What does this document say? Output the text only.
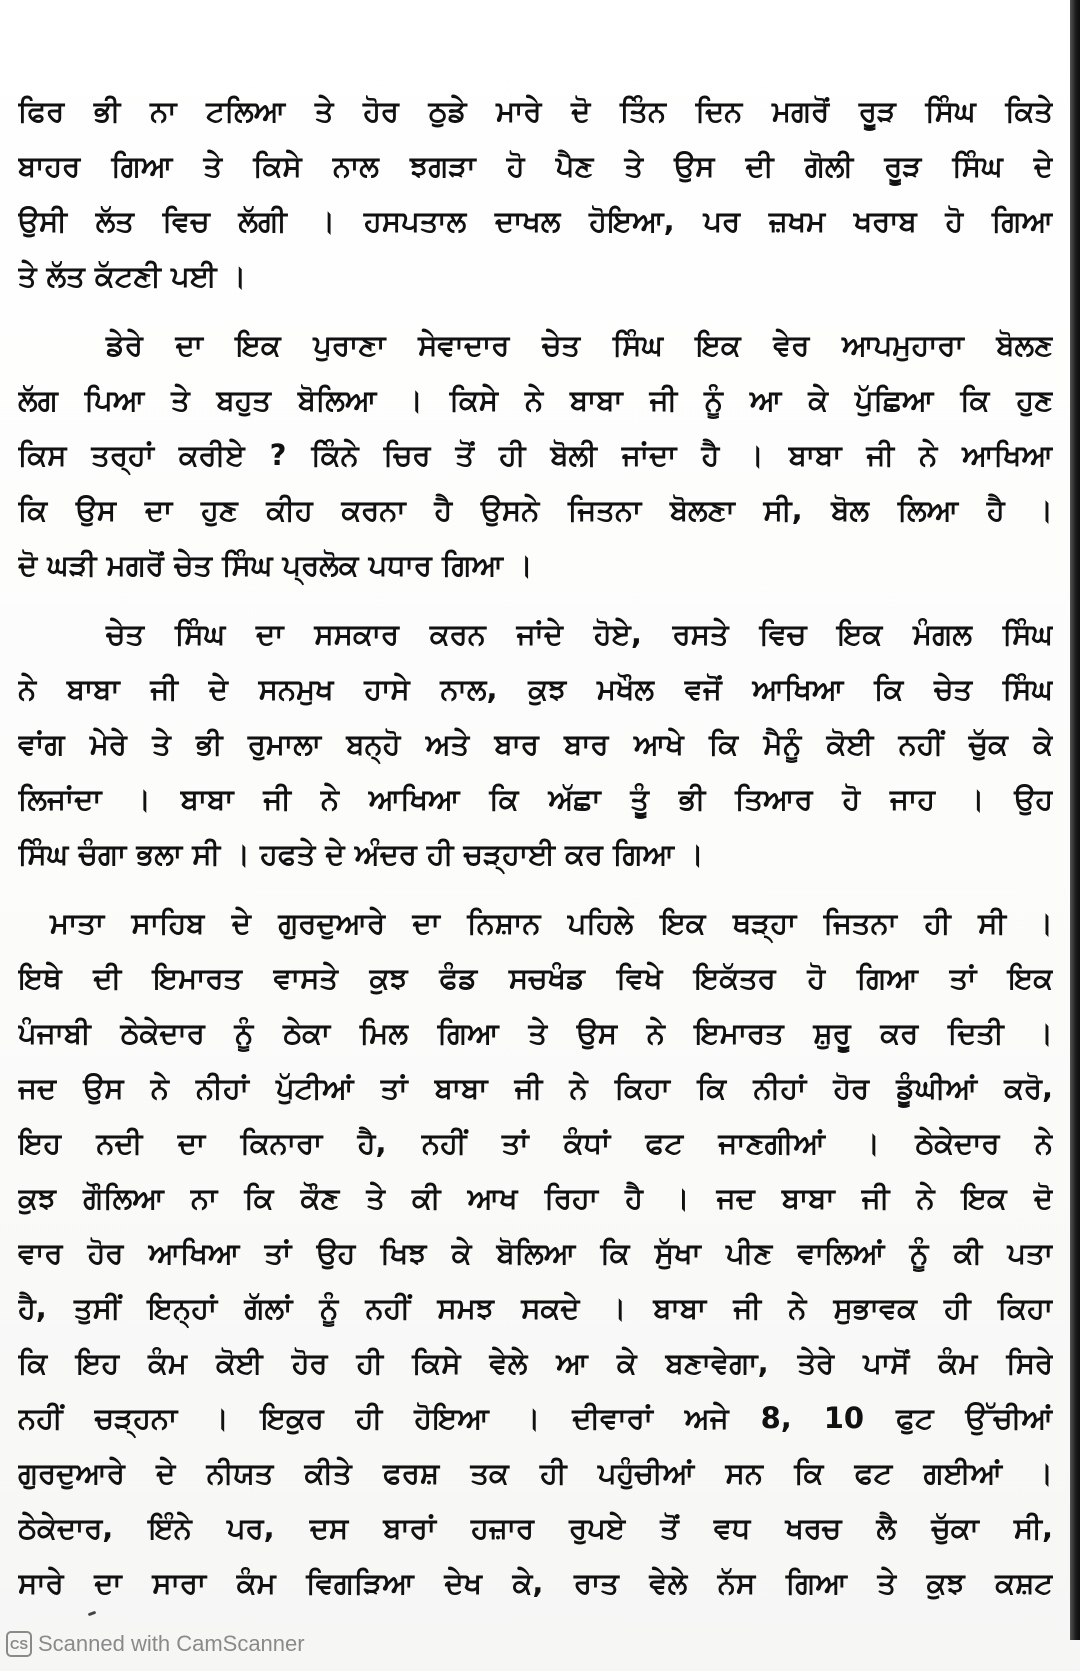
ਫਿਰ ਭੀ ਨਾ ਟਲਿਆ ਤੇ ਹੋਰ ਠੁਡੇ ਮਾਰੇ ਦੋ ਤਿੰਨ ਦਿਨ ਮਗਰੋਂ ਰੂੜ ਸਿੰਘ ਕਿਤੇ
ਬਾਹਰ ਗਿਆ ਤੇ ਕਿਸੇ ਨਾਲ ਝਗੜਾ ਹੋ ਪੈਣ ਤੇ ਉਸ ਦੀ ਗੋਲੀ ਰੂੜ ਸਿੰਘ ਦੇ
ਉਸੀ ਲੱਤ ਵਿਚ ਲੱਗੀ । ਹਸਪਤਾਲ ਦਾਖਲ ਹੋਇਆ, ਪਰ ਜ਼ਖਮ ਖਰਾਬ ਹੋ ਗਿਆ
ਤੇ ਲੱਤ ਕੱਟਣੀ ਪਈ ।
ਡੇਰੇ ਦਾ ਇਕ ਪੁਰਾਣਾ ਸੇਵਾਦਾਰ ਚੇਤ ਸਿੰਘ ਇਕ ਵੇਰ ਆਪਮੁਹਾਰਾ ਬੋਲਣ
ਲੱਗ ਪਿਆ ਤੇ ਬਹੁਤ ਬੋਲਿਆ । ਕਿਸੇ ਨੇ ਬਾਬਾ ਜੀ ਨੂੰ ਆ ਕੇ ਪੁੱਛਿਆ ਕਿ ਹੁਣ
ਕਿਸ ਤਰ੍ਹਾਂ ਕਰੀਏ ? ਕਿੰਨੇ ਚਿਰ ਤੋਂ ਹੀ ਬੋਲੀ ਜਾਂਦਾ ਹੈ । ਬਾਬਾ ਜੀ ਨੇ ਆਖਿਆ
ਕਿ ਉਸ ਦਾ ਹੁਣ ਕੀਹ ਕਰਨਾ ਹੈ ਉਸਨੇ ਜਿਤਨਾ ਬੋਲਣਾ ਸੀ, ਬੋਲ ਲਿਆ ਹੈ ।
ਦੋ ਘੜੀ ਮਗਰੋਂ ਚੇਤ ਸਿੰਘ ਪ੍ਰਲੋਕ ਪਧਾਰ ਗਿਆ ।
ਚੇਤ ਸਿੰਘ ਦਾ ਸਸਕਾਰ ਕਰਨ ਜਾਂਦੇ ਹੋਏ, ਰਸਤੇ ਵਿਚ ਇਕ ਮੰਗਲ ਸਿੰਘ
ਨੇ ਬਾਬਾ ਜੀ ਦੇ ਸਨਮੁਖ ਹਾਸੇ ਨਾਲ, ਕੁਝ ਮਖੌਲ ਵਜੋਂ ਆਖਿਆ ਕਿ ਚੇਤ ਸਿੰਘ
ਵਾਂਗ ਮੇਰੇ ਤੇ ਭੀ ਰੁਮਾਲਾ ਬਨ੍ਹੋ ਅਤੇ ਬਾਰ ਬਾਰ ਆਖੇ ਕਿ ਮੈਨੂੰ ਕੋਈ ਨਹੀਂ ਚੁੱਕ ਕੇ
ਲਿਜਾਂਦਾ । ਬਾਬਾ ਜੀ ਨੇ ਆਖਿਆ ਕਿ ਅੱਛਾ ਤੂੰ ਭੀ ਤਿਆਰ ਹੋ ਜਾਹ । ਉਹ
ਸਿੰਘ ਚੰਗਾ ਭਲਾ ਸੀ । ਹਫਤੇ ਦੇ ਅੰਦਰ ਹੀ ਚੜ੍ਹਾਈ ਕਰ ਗਿਆ ।
ਮਾਤਾ ਸਾਹਿਬ ਦੇ ਗੁਰਦੁਆਰੇ ਦਾ ਨਿਸ਼ਾਨ ਪਹਿਲੇ ਇਕ ਥੜ੍ਹਾ ਜਿਤਨਾ ਹੀ ਸੀ ।
ਇਥੇ ਦੀ ਇਮਾਰਤ ਵਾਸਤੇ ਕੁਝ ਫੰਡ ਸਚਖੰਡ ਵਿਖੇ ਇਕੱਤਰ ਹੋ ਗਿਆ ਤਾਂ ਇਕ
ਪੰਜਾਬੀ ਠੇਕੇਦਾਰ ਨੂੰ ਠੇਕਾ ਮਿਲ ਗਿਆ ਤੇ ਉਸ ਨੇ ਇਮਾਰਤ ਸ਼ੁਰੂ ਕਰ ਦਿਤੀ ।
ਜਦ ਉਸ ਨੇ ਨੀਹਾਂ ਪੁੱਟੀਆਂ ਤਾਂ ਬਾਬਾ ਜੀ ਨੇ ਕਿਹਾ ਕਿ ਨੀਹਾਂ ਹੋਰ ਡੂੰਘੀਆਂ ਕਰੋ,
ਇਹ ਨਦੀ ਦਾ ਕਿਨਾਰਾ ਹੈ, ਨਹੀਂ ਤਾਂ ਕੰਧਾਂ ਫਟ ਜਾਣਗੀਆਂ । ਠੇਕੇਦਾਰ ਨੇ
ਕੁਝ ਗੌਲਿਆ ਨਾ ਕਿ ਕੌਣ ਤੇ ਕੀ ਆਖ ਰਿਹਾ ਹੈ । ਜਦ ਬਾਬਾ ਜੀ ਨੇ ਇਕ ਦੋ
ਵਾਰ ਹੋਰ ਆਖਿਆ ਤਾਂ ਉਹ ਖਿਝ ਕੇ ਬੋਲਿਆ ਕਿ ਸੁੱਖਾ ਪੀਣ ਵਾਲਿਆਂ ਨੂੰ ਕੀ ਪਤਾ
ਹੈ, ਤੁਸੀਂ ਇਨ੍ਹਾਂ ਗੱਲਾਂ ਨੂੰ ਨਹੀਂ ਸਮਝ ਸਕਦੇ । ਬਾਬਾ ਜੀ ਨੇ ਸੁਭਾਵਕ ਹੀ ਕਿਹਾ
ਕਿ ਇਹ ਕੰਮ ਕੋਈ ਹੋਰ ਹੀ ਕਿਸੇ ਵੇਲੇ ਆ ਕੇ ਬਣਾਵੇਗਾ, ਤੇਰੇ ਪਾਸੋਂ ਕੰਮ ਸਿਰੇ
ਨਹੀਂ ਚੜ੍ਹਨਾ । ਇਕੁਰ ਹੀ ਹੋਇਆ । ਦੀਵਾਰਾਂ ਅਜੇ 8, 10 ਫੁਟ ਉੱਚੀਆਂ
ਗੁਰਦੁਆਰੇ ਦੇ ਨੀਯਤ ਕੀਤੇ ਫਰਸ਼ ਤਕ ਹੀ ਪਹੁੰਚੀਆਂ ਸਨ ਕਿ ਫਟ ਗਈਆਂ ।
ਠੇਕੇਦਾਰ, ਇੰਨੇ ਪਰ, ਦਸ ਬਾਰਾਂ ਹਜ਼ਾਰ ਰੁਪਏ ਤੋਂ ਵਧ ਖਰਚ ਲੈ ਚੁੱਕਾ ਸੀ,
ਸਾਰੇ ਦਾ ਸਾਰਾ ਕੰਮ ਵਿਗੜਿਆ ਦੇਖ ਕੇ, ਰਾਤ ਵੇਲੇ ਨੱਸ ਗਿਆ ਤੇ ਕੁਝ ਕਸ਼ਟ
CS Scanned with CamScanner
